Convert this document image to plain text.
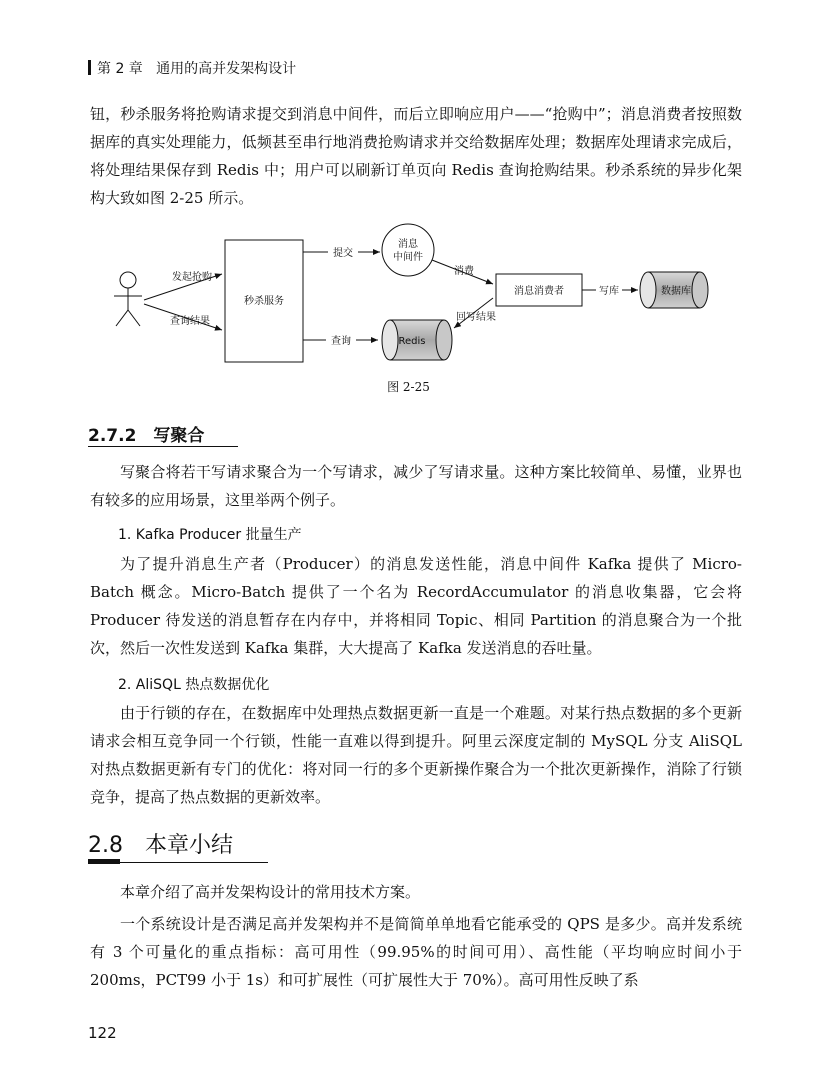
第 2 章 通用的高并发架构设计

钮，秒杀服务将抢购请求提交到消息中间件，而后立即响应用户——“抢购中”；消息消费者按照数据库的真实处理能力，低频甚至串行地消费抢购请求并交给数据库处理；数据库处理请求完成后，将处理结果保存到 Redis 中；用户可以刷新订单页向 Redis 查询抢购结果。秒杀系统的异步化架构大致如图 2-25 所示。

发起抢购
查询结果
秒杀服务
提交
消息
中间件
消费
消息消费者	写库	数据库
查询	Redis
回写结果
图 2-25
2.7.2　写聚合

写聚合将若干写请求聚合为一个写请求，减少了写请求量。这种方案比较简单、易懂，业界也有较多的应用场景，这里举两个例子。

1. Kafka Producer 批量生产

为了提升消息生产者（Producer）的消息发送性能，消息中间件 Kafka 提供了 Micro-Batch 概念。Micro-Batch 提供了一个名为 RecordAccumulator 的消息收集器，它会将 Producer 待发送的消息暂存在内存中，并将相同 Topic、相同 Partition 的消息聚合为一个批次，然后一次性发送到 Kafka 集群，大大提高了 Kafka 发送消息的吞吐量。

2. AliSQL 热点数据优化

由于行锁的存在，在数据库中处理热点数据更新一直是一个难题。对某行热点数据的多个更新请求会相互竞争同一个行锁，性能一直难以得到提升。阿里云深度定制的 MySQL 分支 AliSQL 对热点数据更新有专门的优化：将对同一行的多个更新操作聚合为一个批次更新操作，消除了行锁竞争，提高了热点数据的更新效率。

2.8　本章小结

本章介绍了高并发架构设计的常用技术方案。

一个系统设计是否满足高并发架构并不是简简单单地看它能承受的 QPS 是多少。高并发系统有 3 个可量化的重点指标：高可用性（99.95%的时间可用）、高性能（平均响应时间小于 200ms，PCT99 小于 1s）和可扩展性（可扩展性大于 70%）。高可用性反映了系

122
